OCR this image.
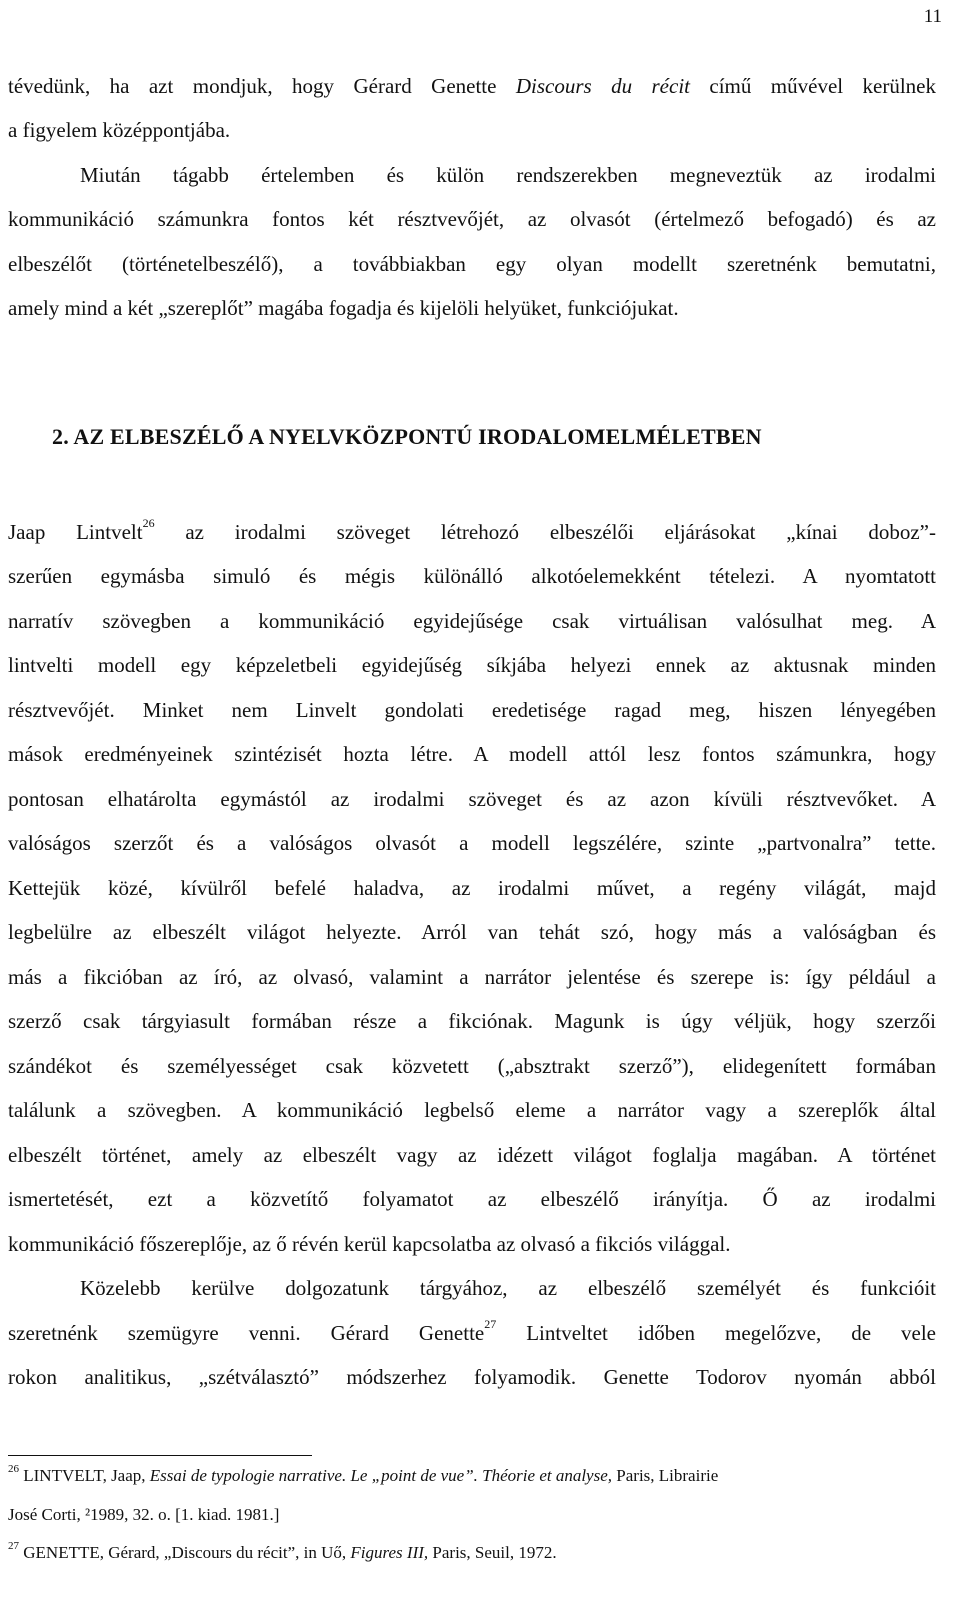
11
tévedünk, ha azt mondjuk, hogy Gérard Genette Discours du récit című művével kerülnek
a figyelem középpontjába.
Miután tágabb értelemben és külön rendszerekben megneveztük az irodalmi
kommunikáció számunkra fontos két résztvevőjét, az olvasót (értelmező befogadó) és az
elbeszélőt (történetelbeszélő), a továbbiakban egy olyan modellt szeretnénk bemutatni,
amely mind a két „szereplőt” magába fogadja és kijelöli helyüket, funkciójukat.
2. AZ ELBESZÉLŐ A NYELVKÖZPONTÚ IRODALOMELMÉLETBEN
Jaap Lintvelt$^{26}$ az irodalmi szöveget létrehozó elbeszélői eljárásokat „kínai doboz”-
szerűen egymásba simuló és mégis különálló alkotóelemekként tételezi. A nyomtatott
narratív szövegben a kommunikáció egyidejűsége csak virtuálisan valósulhat meg. A
lintvelti modell egy képzeletbeli egyidejűség síkjába helyezi ennek az aktusnak minden
résztvevőjét. Minket nem Linvelt gondolati eredetisége ragad meg, hiszen lényegében
mások eredményeinek szintézisét hozta létre. A modell attól lesz fontos számunkra, hogy
pontosan elhatárolta egymástól az irodalmi szöveget és az azon kívüli résztvevőket. A
valóságos szerzőt és a valóságos olvasót a modell legszélére, szinte „partvonalra” tette.
Kettejük közé, kívülről befelé haladva, az irodalmi művet, a regény világát, majd
legbelülre az elbeszélt világot helyezte. Arról van tehát szó, hogy más a valóságban és
más a fikcióban az író, az olvasó, valamint a narrátor jelentése és szerepe is: így például a
szerző csak tárgyiasult formában része a fikciónak. Magunk is úgy véljük, hogy szerzői
szándékot és személyességet csak közvetett („absztrakt szerző”), elidegenített formában
találunk a szövegben. A kommunikáció legbelső eleme a narrátor vagy a szereplők által
elbeszélt történet, amely az elbeszélt vagy az idézett világot foglalja magában. A történet
ismertetését, ezt a közvetítő folyamatot az elbeszélő irányítja. Ő az irodalmi
kommunikáció főszereplője, az ő révén kerül kapcsolatba az olvasó a fikciós világgal.
Közelebb kerülve dolgozatunk tárgyához, az elbeszélő személyét és funkcióit
szeretnénk szemügyre venni. Gérard Genette$^{27}$ Lintveltet időben megelőzve, de vele
rokon analitikus, „szétválasztó” módszerhez folyamodik. Genette Todorov nyomán abból
$^{26}$ LINTVELT, Jaap, Essai de typologie narrative. Le „point de vue”. Théorie et analyse, Paris, Librairie
José Corti, ²1989, 32. o. [1. kiad. 1981.]
$^{27}$ GENETTE, Gérard, „Discours du récit”, in Uő, Figures III, Paris, Seuil, 1972.
